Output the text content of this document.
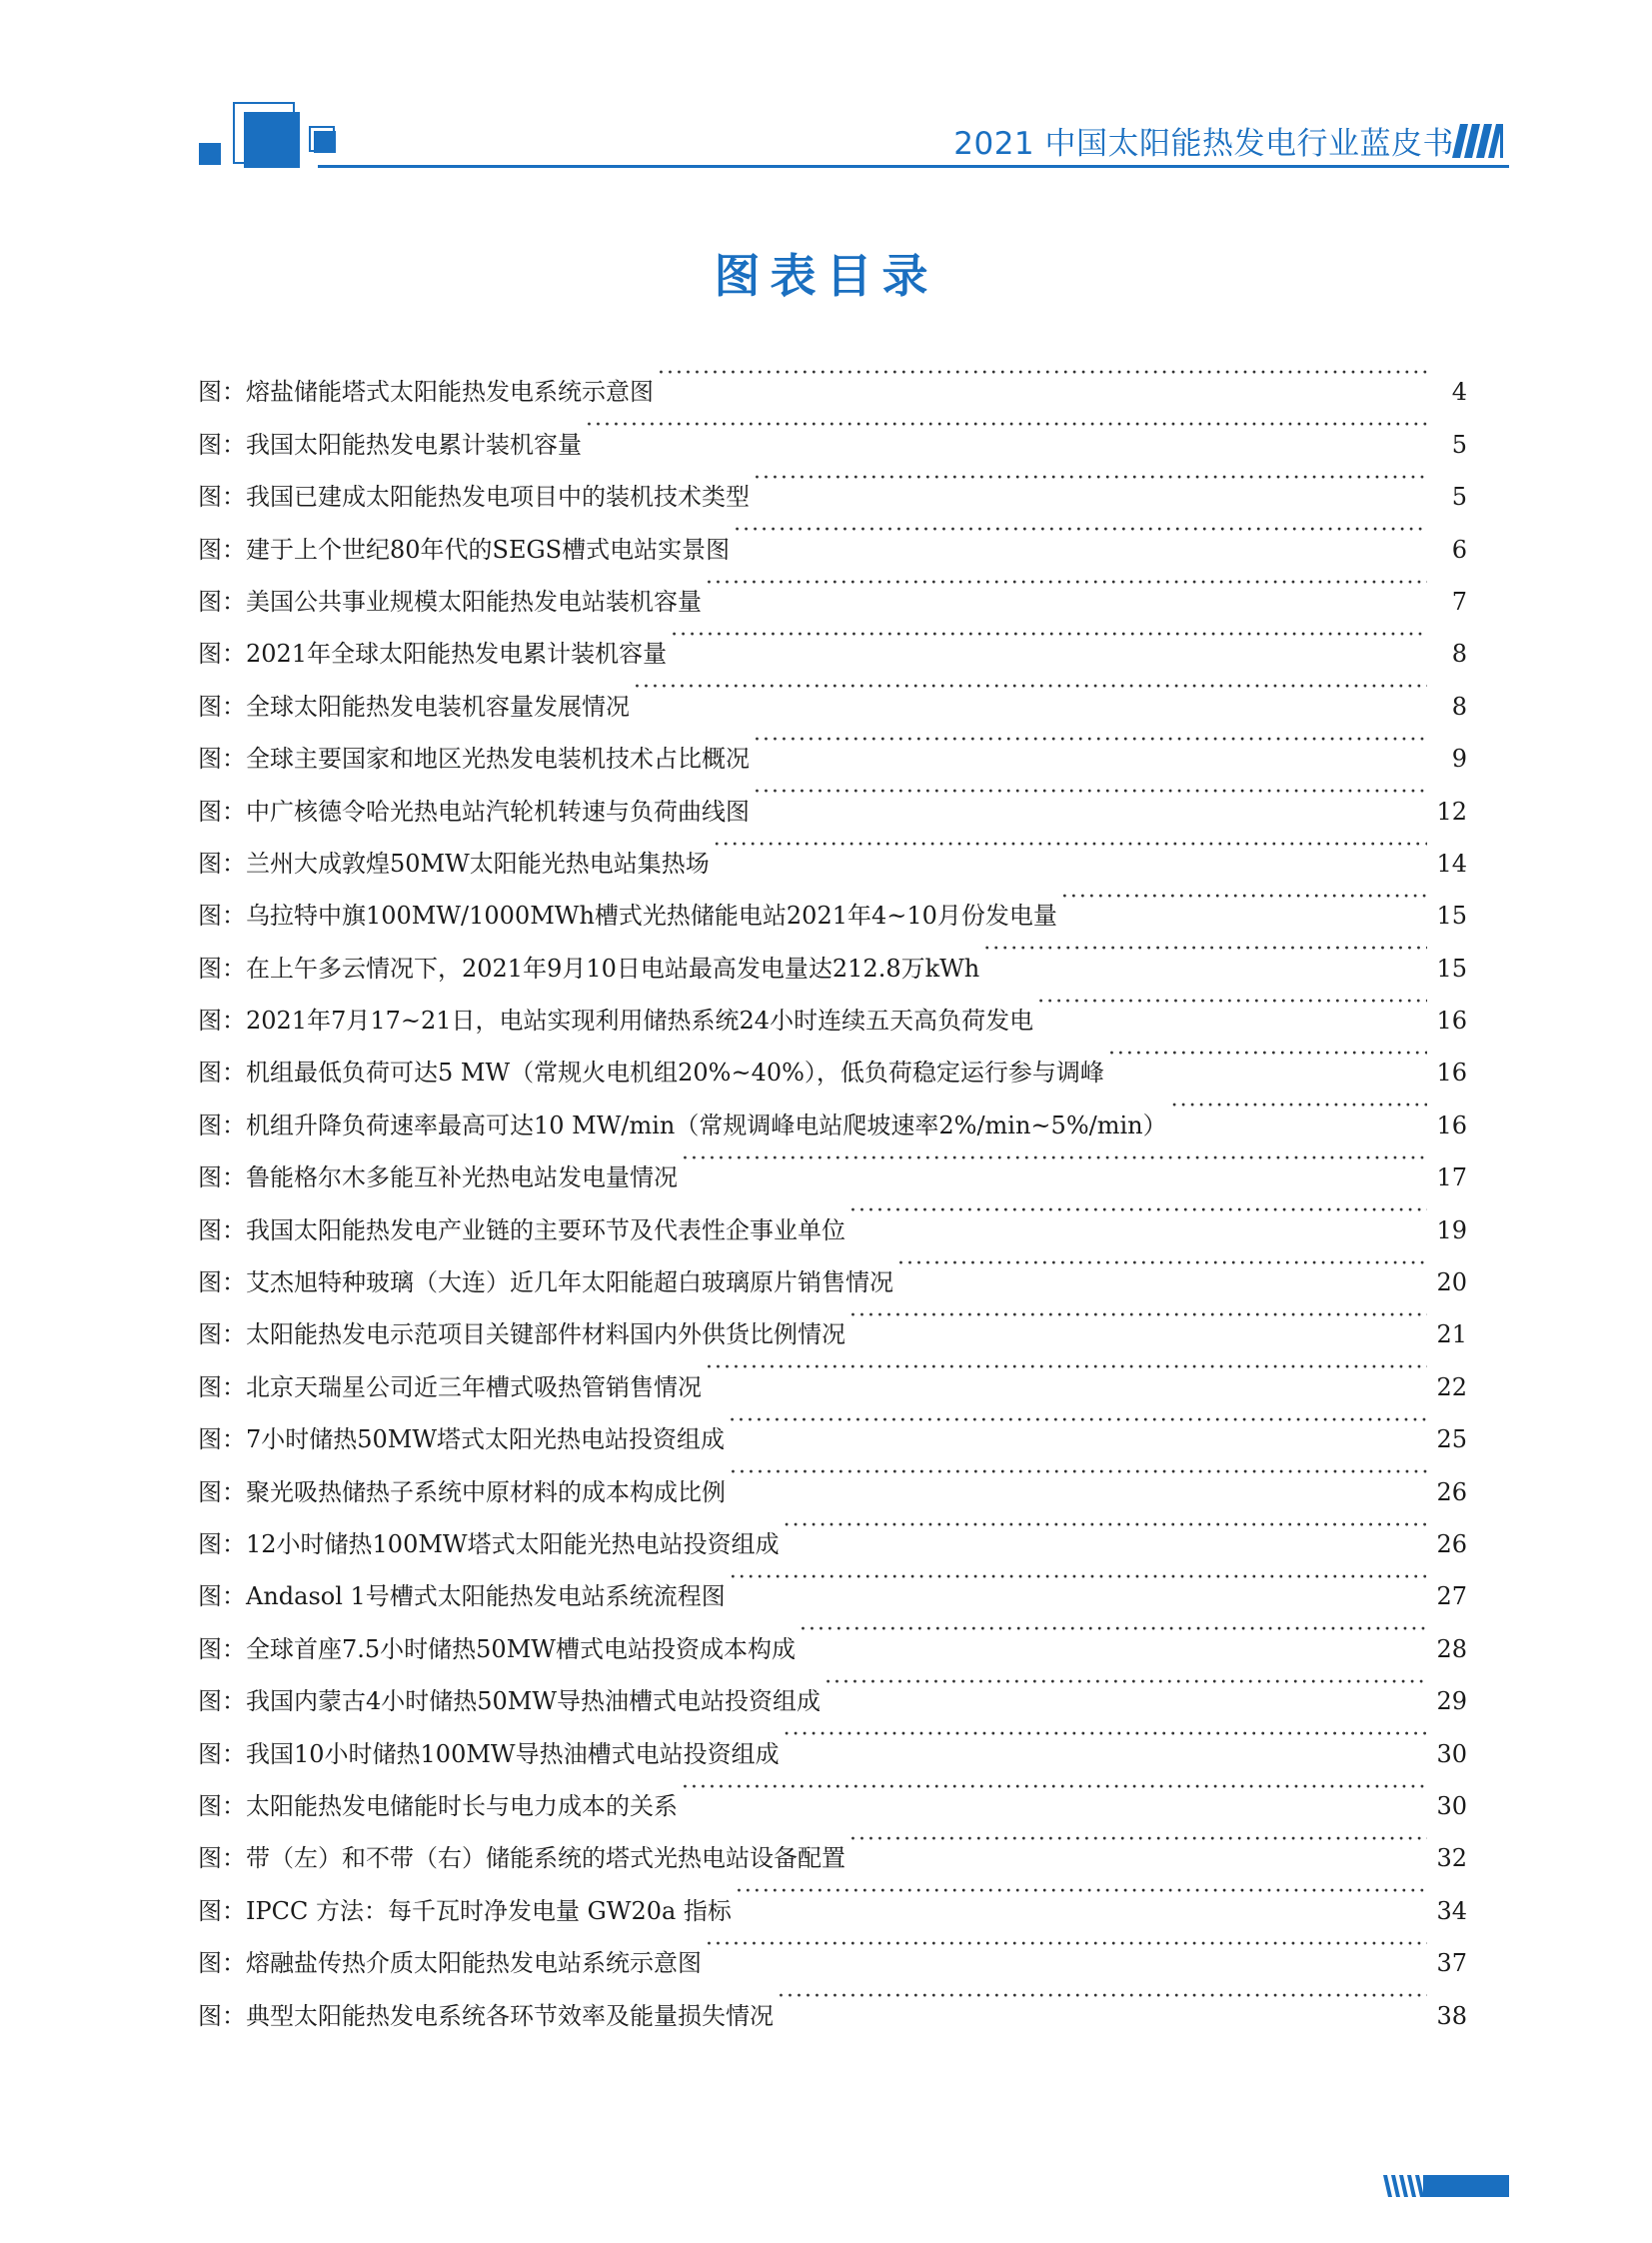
2021 中国太阳能热发电行业蓝皮书
图表目录
图：熔盐储能塔式太阳能热发电系统示意图 ·····	4
图：我国太阳能热发电累计装机容量 ·····	5
图：我国已建成太阳能热发电项目中的装机技术类型 ·····	5
图：建于上个世纪80年代的SEGS槽式电站实景图 ·····	6
图：美国公共事业规模太阳能热发电站装机容量 ·····	7
图：2021年全球太阳能热发电累计装机容量 ·····	8
图：全球太阳能热发电装机容量发展情况 ·····	8
图：全球主要国家和地区光热发电装机技术占比概况 ·····	9
图：中广核德令哈光热电站汽轮机转速与负荷曲线图 ·····	12
图：兰州大成敦煌50MW太阳能光热电站集热场 ·····	14
图：乌拉特中旗100MW/1000MWh槽式光热储能电站2021年4~10月份发电量 ·····	15
图：在上午多云情况下，2021年9月10日电站最高发电量达212.8万kWh ·····	15
图：2021年7月17~21日，电站实现利用储热系统24小时连续五天高负荷发电 ·····	16
图：机组最低负荷可达5 MW（常规火电机组20%~40%），低负荷稳定运行参与调峰 ·····	16
图：机组升降负荷速率最高可达10 MW/min（常规调峰电站爬坡速率2%/min~5%/min） ·····	16
图：鲁能格尔木多能互补光热电站发电量情况 ·····	17
图：我国太阳能热发电产业链的主要环节及代表性企事业单位 ·····	19
图：艾杰旭特种玻璃（大连）近几年太阳能超白玻璃原片销售情况 ·····	20
图：太阳能热发电示范项目关键部件材料国内外供货比例情况 ·····	21
图：北京天瑞星公司近三年槽式吸热管销售情况 ·····	22
图：7小时储热50MW塔式太阳光热电站投资组成 ·····	25
图：聚光吸热储热子系统中原材料的成本构成比例 ·····	26
图：12小时储热100MW塔式太阳能光热电站投资组成 ·····	26
图：Andasol 1号槽式太阳能热发电站系统流程图 ·····	27
图：全球首座7.5小时储热50MW槽式电站投资成本构成 ·····	28
图：我国内蒙古4小时储热50MW导热油槽式电站投资组成 ·····	29
图：我国10小时储热100MW导热油槽式电站投资组成 ·····	30
图：太阳能热发电储能时长与电力成本的关系 ·····	30
图：带（左）和不带（右）储能系统的塔式光热电站设备配置 ·····	32
图：IPCC 方法：每千瓦时净发电量 GW20a 指标 ·····	34
图：熔融盐传热介质太阳能热发电站系统示意图 ·····	37
图：典型太阳能热发电系统各环节效率及能量损失情况 ·····	38
